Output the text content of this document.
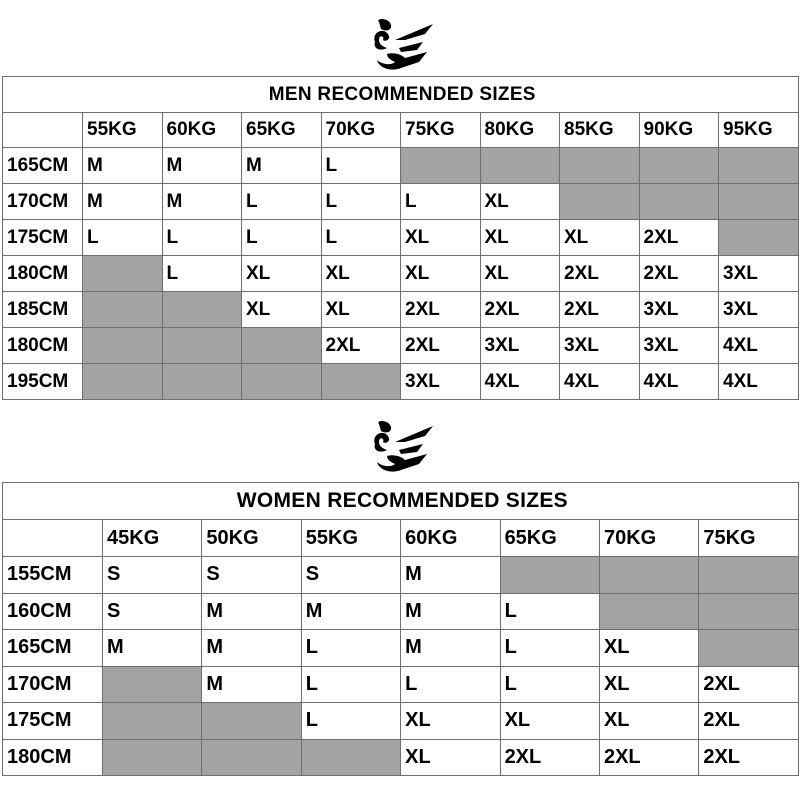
MEN RECOMMENDED SIZES									
	55KG	60KG	65KG	70KG	75KG	80KG	85KG	90KG	95KG
165CM	M	M	M	L					
170CM	M	M	L	L	L	XL			
175CM	L	L	L	L	XL	XL	XL	2XL	
180CM		L	XL	XL	XL	XL	2XL	2XL	3XL
185CM			XL	XL	2XL	2XL	2XL	3XL	3XL
180CM				2XL	2XL	3XL	3XL	3XL	4XL
195CM					3XL	4XL	4XL	4XL	4XL
WOMEN RECOMMENDED SIZES							
	45KG	50KG	55KG	60KG	65KG	70KG	75KG
155CM	S	S	S	M			
160CM	S	M	M	M	L		
165CM	M	M	L	M	L	XL	
170CM		M	L	L	L	XL	2XL
175CM			L	XL	XL	XL	2XL
180CM				XL	2XL	2XL	2XL
